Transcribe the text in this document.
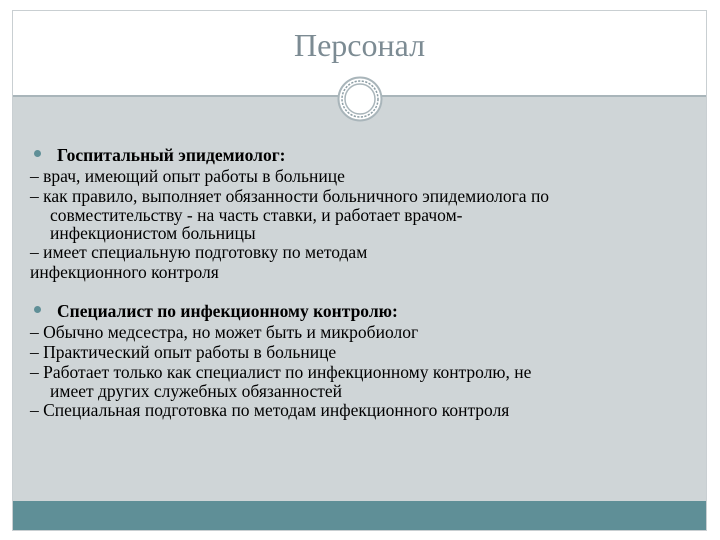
Персонал
Госпитальный эпидемиолог:
– врач, имеющий опыт работы в больнице
– как правило, выполняет обязанности больничного эпидемиолога по
совместительству - на часть ставки, и работает врачом-
инфекционистом больницы
– имеет специальную подготовку по методам
инфекционного контроля
Специалист по инфекционному контролю:
– Обычно медсестра, но может быть и микробиолог
– Практический опыт работы в больнице
– Работает только как специалист по инфекционному контролю, не
имеет других служебных обязанностей
– Специальная подготовка по методам инфекционного контроля
